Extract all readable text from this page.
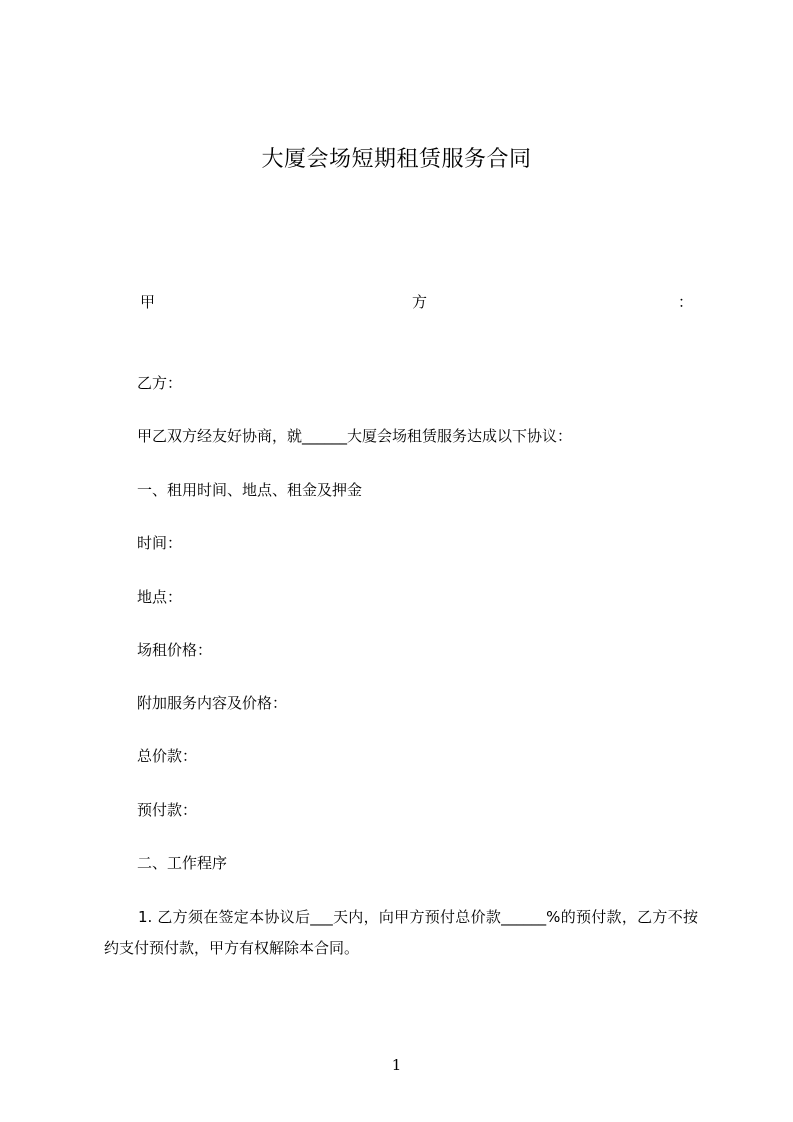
大厦会场短期租赁服务合同
甲	方	：
乙方：
甲乙双方经友好协商，就______大厦会场租赁服务达成以下协议：
一、租用时间、地点、租金及押金
时间：
地点：
场租价格：
附加服务内容及价格：
总价款：
预付款：
二、工作程序
1. 乙方须在签定本协议后___天内，向甲方预付总价款______%的预付款，乙方不按约支付预付款，甲方有权解除本合同。
1
